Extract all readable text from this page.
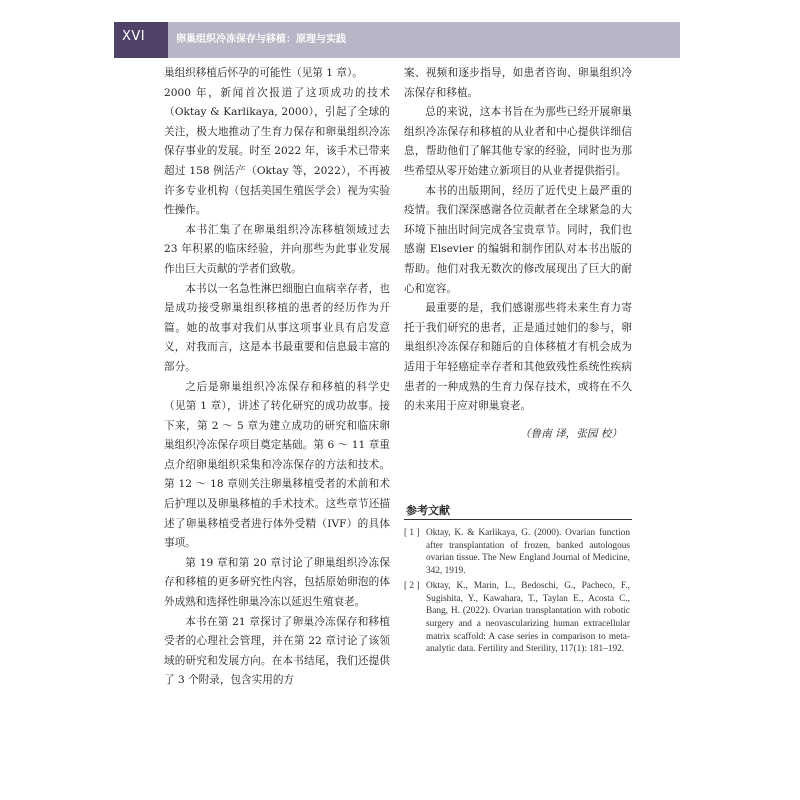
XVI	卵巢组织冷冻保存与移植：原理与实践

巢组织移植后怀孕的可能性（见第 1 章）。

2000 年，新闻首次报道了这项成功的技术（Oktay & Karlikaya, 2000），引起了全球的关注，极大地推动了生育力保存和卵巢组织冷冻保存事业的发展。时至 2022 年，该手术已带来超过 158 例活产（Oktay 等，2022），不再被许多专业机构（包括美国生殖医学会）视为实验性操作。

本书汇集了在卵巢组织冷冻移植领域过去 23 年积累的临床经验，并向那些为此事业发展作出巨大贡献的学者们致敬。

本书以一名急性淋巴细胞白血病幸存者，也是成功接受卵巢组织移植的患者的经历作为开篇。她的故事对我们从事这项事业具有启发意义，对我而言，这是本书最重要和信息最丰富的部分。

之后是卵巢组织冷冻保存和移植的科学史（见第 1 章），讲述了转化研究的成功故事。接下来，第 2 ～ 5 章为建立成功的研究和临床卵巢组织冷冻保存项目奠定基础。第 6 ～ 11 章重点介绍卵巢组织采集和冷冻保存的方法和技术。第 12 ～ 18 章则关注卵巢移植受者的术前和术后护理以及卵巢移植的手术技术。这些章节还描述了卵巢移植受者进行体外受精（IVF）的具体事项。

第 19 章和第 20 章讨论了卵巢组织冷冻保存和移植的更多研究性内容，包括原始卵泡的体外成熟和选择性卵巢冷冻以延迟生殖衰老。

本书在第 21 章探讨了卵巢冷冻保存和移植受者的心理社会管理，并在第 22 章讨论了该领域的研究和发展方向。在本书结尾，我们还提供了 3 个附录，包含实用的方

案、视频和逐步指导，如患者咨询、卵巢组织冷冻保存和移植。

总的来说，这本书旨在为那些已经开展卵巢组织冷冻保存和移植的从业者和中心提供详细信息，帮助他们了解其他专家的经验，同时也为那些希望从零开始建立新项目的从业者提供指引。

本书的出版期间，经历了近代史上最严重的疫情。我们深深感谢各位贡献者在全球紧急的大环境下抽出时间完成各宝贵章节。同时，我们也感谢 Elsevier 的编辑和制作团队对本书出版的帮助。他们对我无数次的修改展现出了巨大的耐心和宽容。

最重要的是，我们感谢那些将未来生育力寄托于我们研究的患者，正是通过她们的参与，卵巢组织冷冻保存和随后的自体移植才有机会成为适用于年轻癌症幸存者和其他致残性系统性疾病患者的一种成熟的生育力保存技术，或将在不久的未来用于应对卵巢衰老。

（鲁南 译，张园 校）
参考文献
[ 1 ] Oktay, K. & Karlikaya, G. (2000). Ovarian function after transplantation of frozen, banked autologous ovarian tissue. The New England Journal of Medicine, 342, 1919.
[ 2 ] Oktay, K., Marin, L., Bedoschi, G., Pacheco, F., Sugishita, Y., Kawahara, T., Taylan E., Acosta C., Bang, H. (2022). Ovarian transplantation with robotic surgery and a neovascularizing human extracellular matrix scaffold: A case series in comparison to meta-analytic data. Fertility and Sterility, 117(1): 181–192.
